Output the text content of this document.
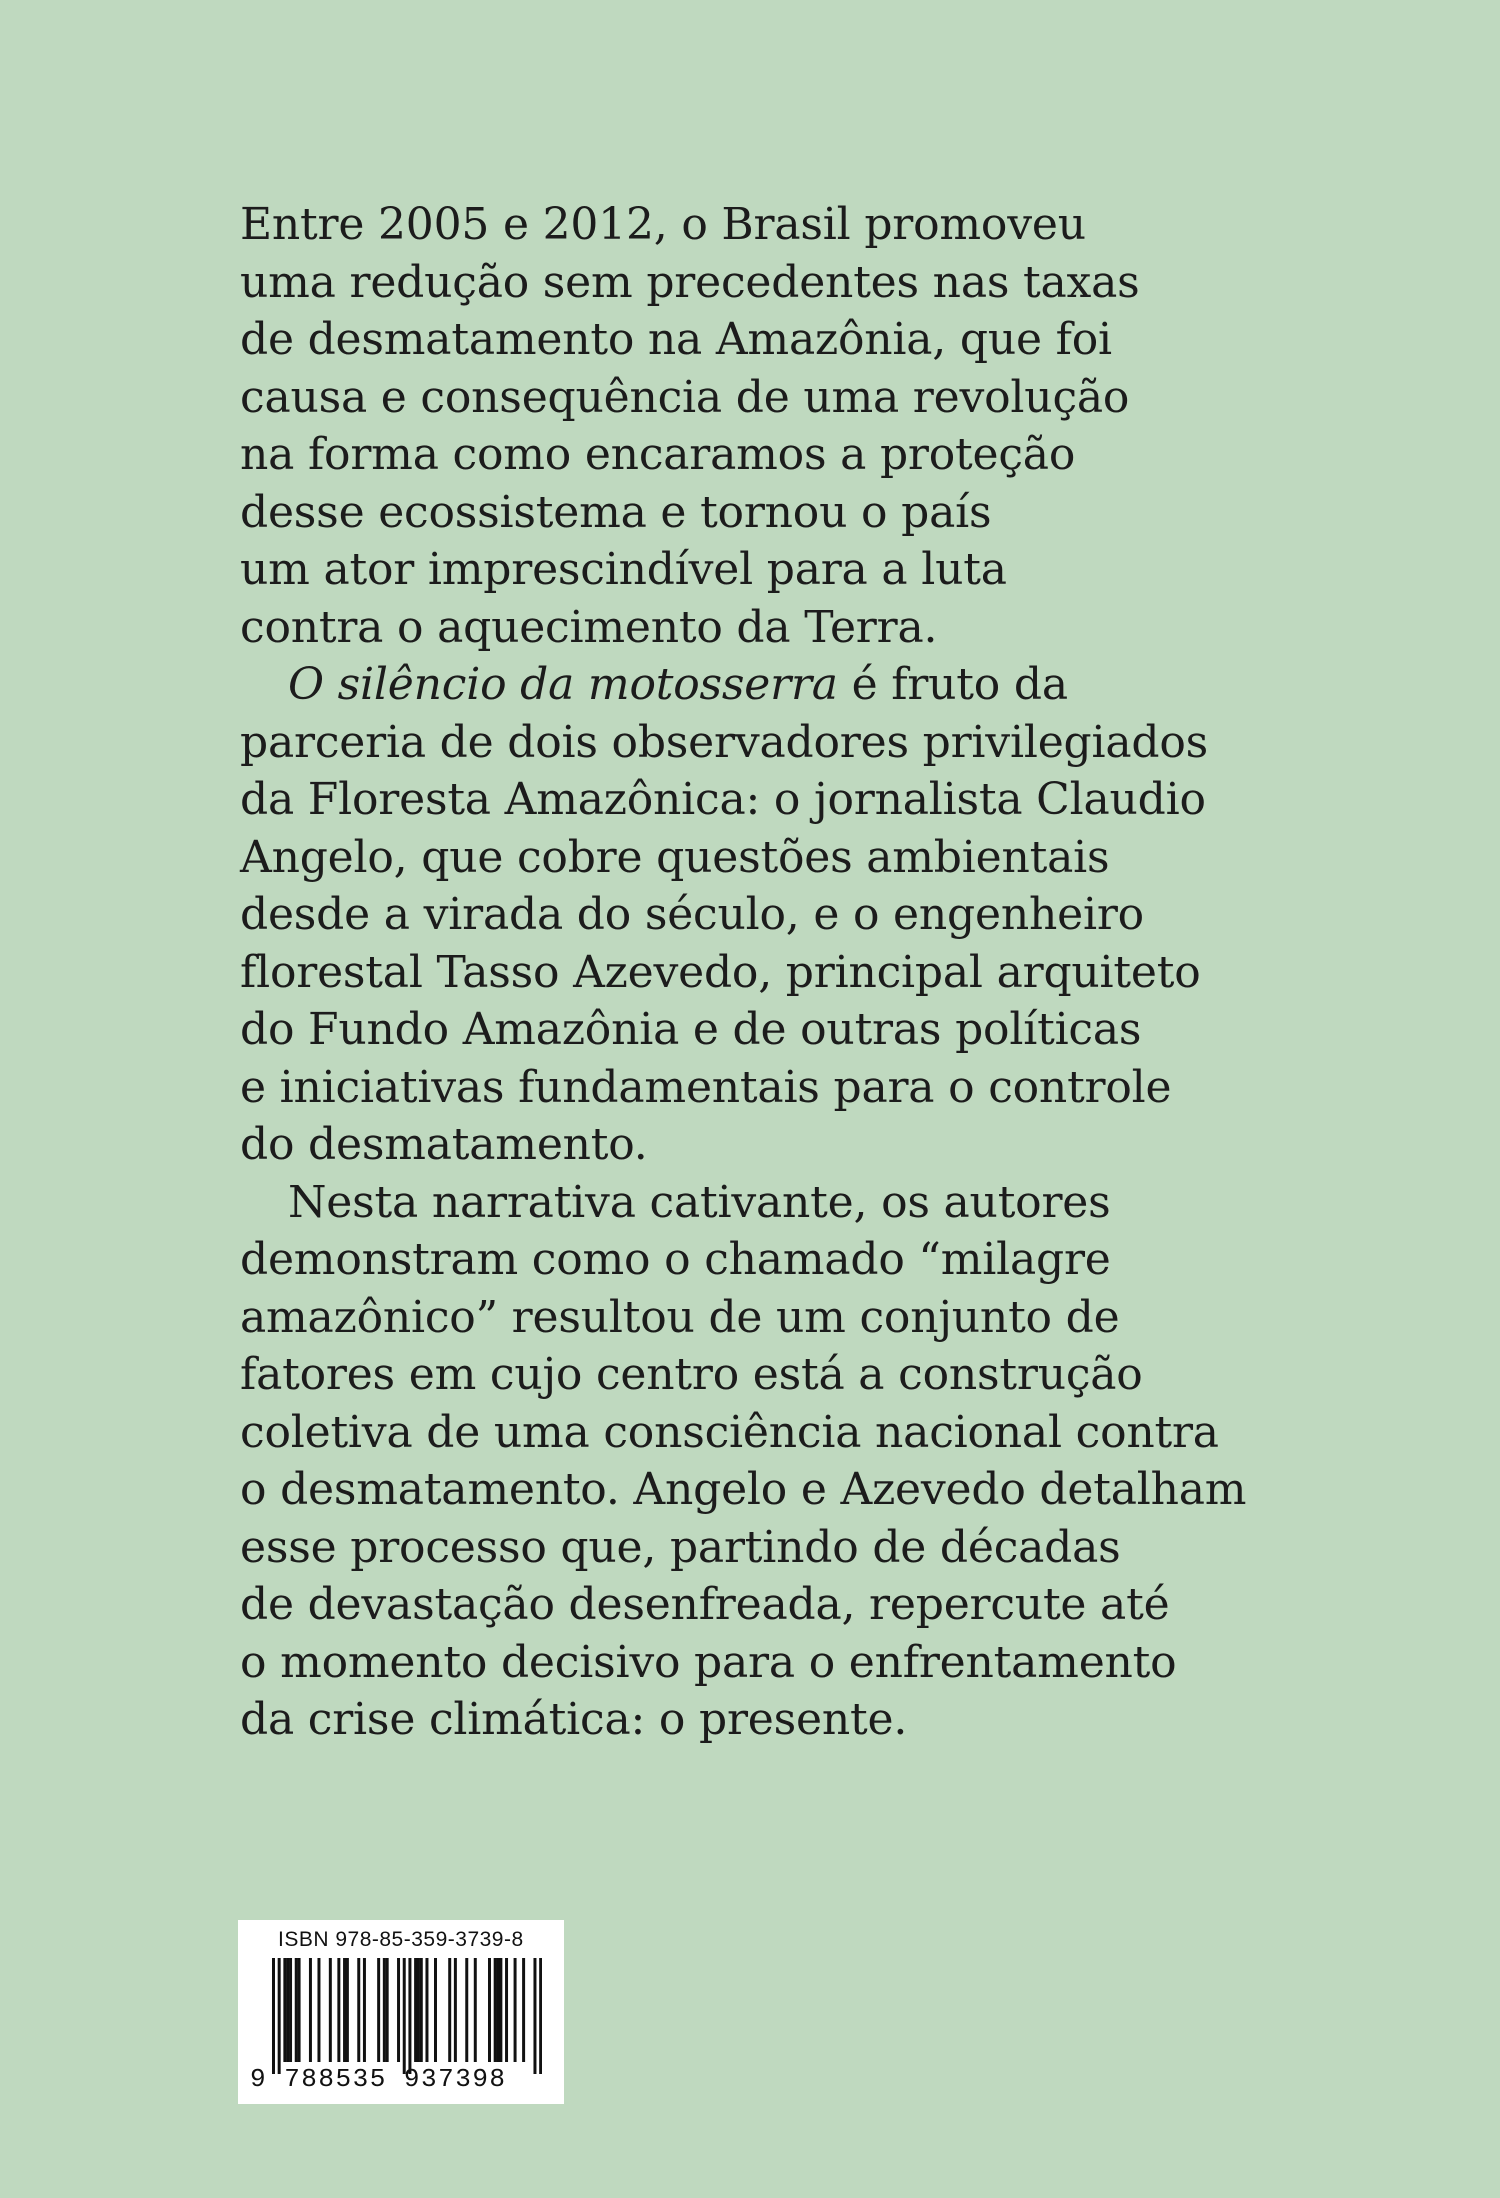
Entre 2005 e 2012, o Brasil promoveu
uma redução sem precedentes nas taxas
de desmatamento na Amazônia, que foi
causa e consequência de uma revolução
na forma como encaramos a proteção
desse ecossistema e tornou o país
um ator imprescindível para a luta
contra o aquecimento da Terra.
O silêncio da motosserra é fruto da
parceria de dois observadores privilegiados
da Floresta Amazônica: o jornalista Claudio
Angelo, que cobre questões ambientais
desde a virada do século, e o engenheiro
florestal Tasso Azevedo, principal arquiteto
do Fundo Amazônia e de outras políticas
e iniciativas fundamentais para o controle
do desmatamento.
Nesta narrativa cativante, os autores
demonstram como o chamado “milagre
amazônico” resultou de um conjunto de
fatores em cujo centro está a construção
coletiva de uma consciência nacional contra
o desmatamento. Angelo e Azevedo detalham
esse processo que, partindo de décadas
de devastação desenfreada, repercute até
o momento decisivo para o enfrentamento
da crise climática: o presente.
ISBN 978-85-359-3739-8
9 788535 937398
